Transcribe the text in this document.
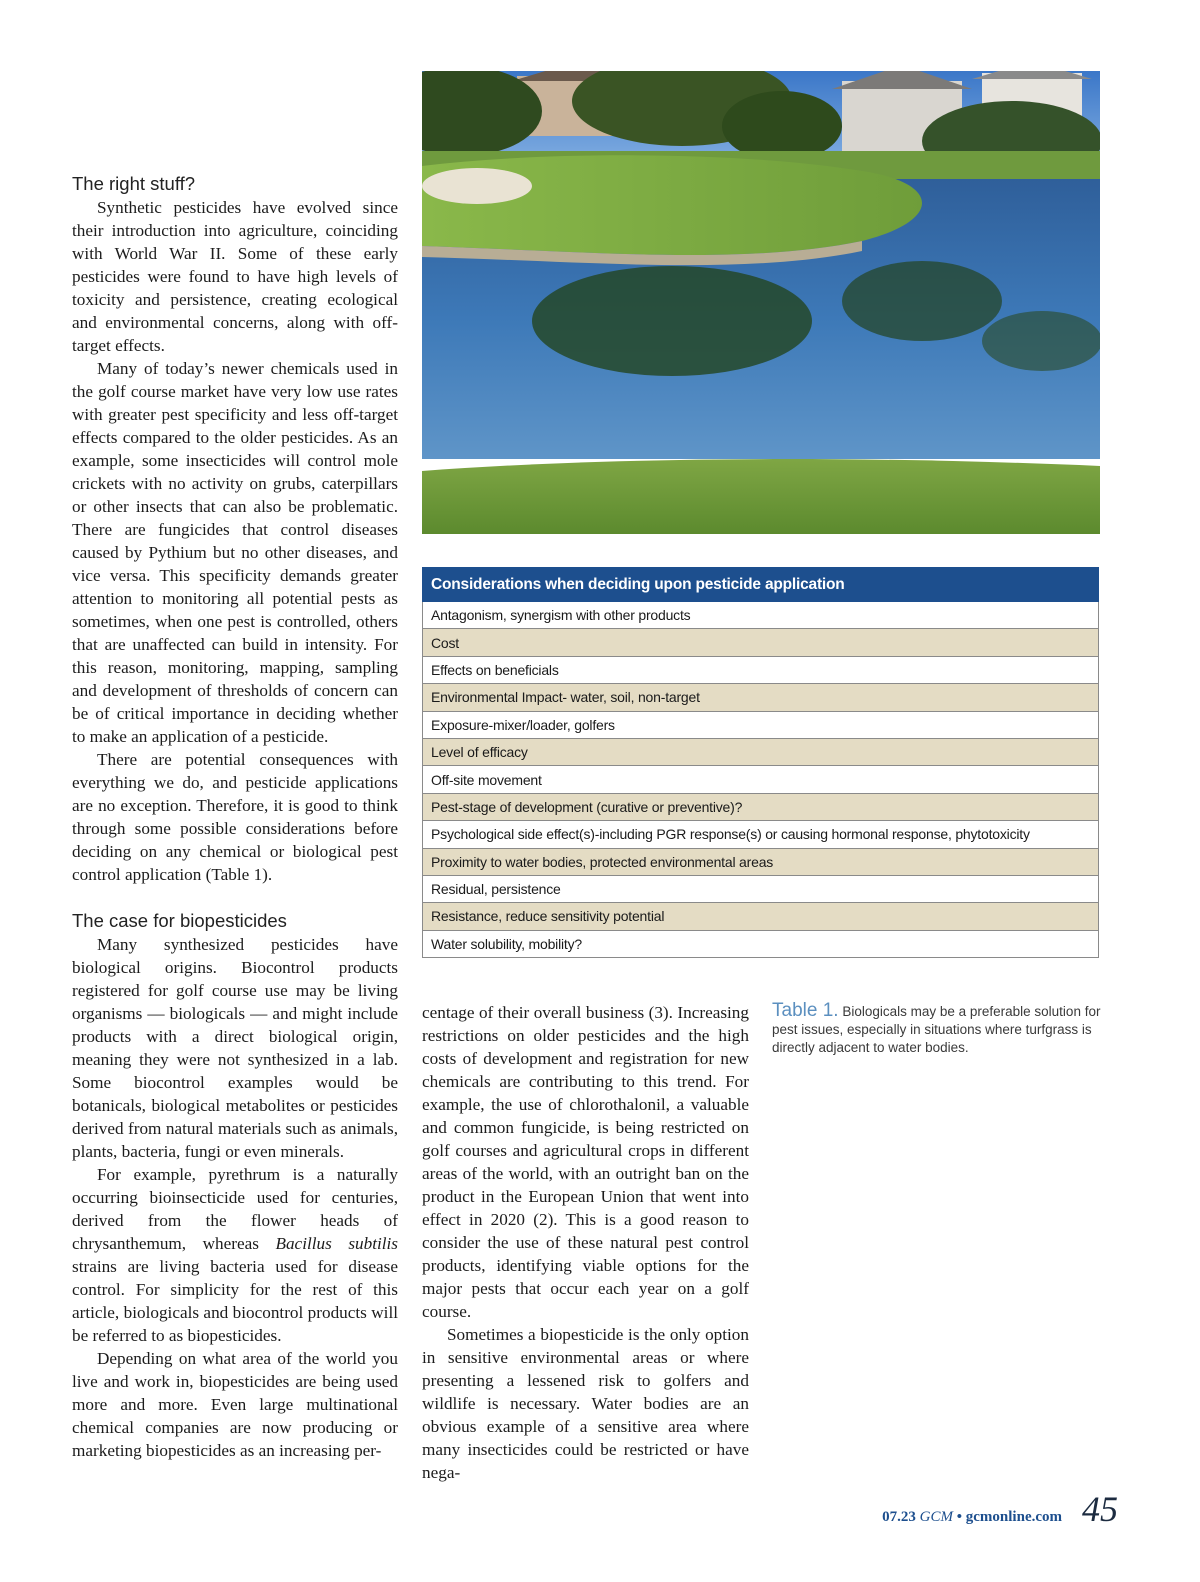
The right stuff?

Synthetic pesticides have evolved since their introduction into agriculture, coinciding with World War II. Some of these early pesticides were found to have high levels of toxicity and persistence, creating ecological and environmental concerns, along with off-target effects.

Many of today’s newer chemicals used in the golf course market have very low use rates with greater pest specificity and less off-target effects compared to the older pesticides. As an example, some insecticides will control mole crickets with no activity on grubs, caterpillars or other insects that can also be problematic. There are fungicides that control diseases caused by Pythium but no other diseases, and vice versa. This specificity demands greater attention to monitoring all potential pests as sometimes, when one pest is controlled, others that are unaffected can build in intensity. For this reason, monitoring, mapping, sampling and development of thresholds of concern can be of critical importance in deciding whether to make an application of a pesticide.

There are potential consequences with everything we do, and pesticide applications are no exception. Therefore, it is good to think through some possible considerations before deciding on any chemical or biological pest control application (Table 1).

The case for biopesticides

Many synthesized pesticides have biological origins. Biocontrol products registered for golf course use may be living organisms — biologicals — and might include products with a direct biological origin, meaning they were not synthesized in a lab. Some biocontrol examples would be botanicals, biological metabolites or pesticides derived from natural materials such as animals, plants, bacteria, fungi or even minerals.

For example, pyrethrum is a naturally occurring bioinsecticide used for centuries, derived from the flower heads of chrysanthemum, whereas Bacillus subtilis strains are living bacteria used for disease control. For simplicity for the rest of this article, biologicals and biocontrol products will be referred to as biopesticides.

Depending on what area of the world you live and work in, biopesticides are being used more and more. Even large multinational chemical companies are now producing or marketing biopesticides as an increasing per-

Considerations when deciding upon pesticide application
Antagonism, synergism with other products
Cost
Effects on beneficials
Environmental Impact- water, soil, non-target
Exposure-mixer/loader, golfers
Level of efficacy
Off-site movement
Pest-stage of development (curative or preventive)?
Psychological side effect(s)-including PGR response(s) or causing hormonal response, phytotoxicity
Proximity to water bodies, protected environmental areas
Residual, persistence
Resistance, reduce sensitivity potential
Water solubility, mobility?

centage of their overall business (3). Increasing restrictions on older pesticides and the high costs of development and registration for new chemicals are contributing to this trend. For example, the use of chlorothalonil, a valuable and common fungicide, is being restricted on golf courses and agricultural crops in different areas of the world, with an outright ban on the product in the European Union that went into effect in 2020 (2). This is a good reason to consider the use of these natural pest control products, identifying viable options for the major pests that occur each year on a golf course.

Sometimes a biopesticide is the only option in sensitive environmental areas or where presenting a lessened risk to golfers and wildlife is necessary. Water bodies are an obvious example of a sensitive area where many insecticides could be restricted or have nega-

Table 1. Biologicals may be a preferable solution for pest issues, especially in situations where turfgrass is directly adjacent to water bodies.
07.23 GCM • gcmonline.com 45
